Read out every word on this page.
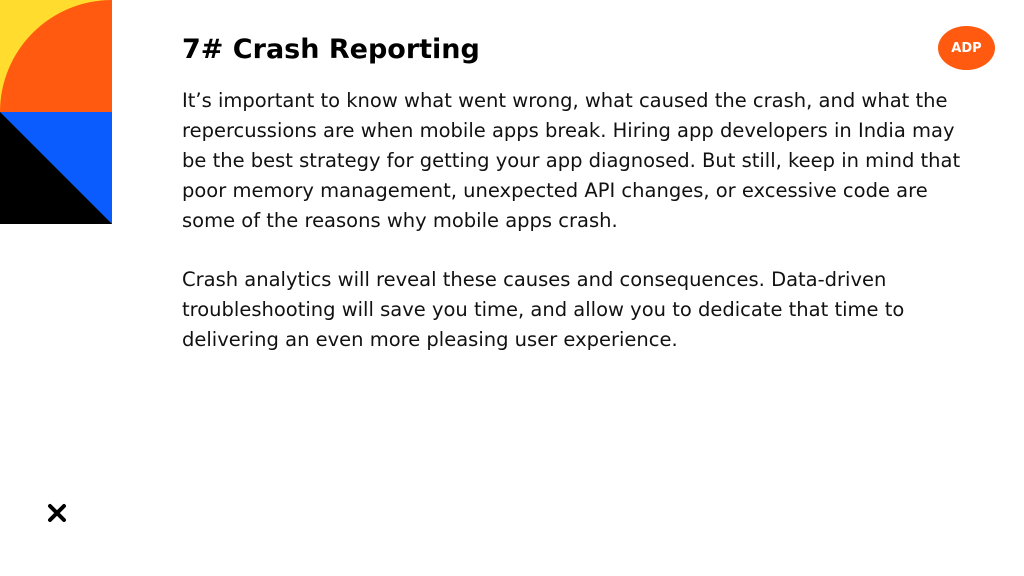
7# Crash Reporting	ADP

It’s important to know what went wrong, what caused the crash, and what the repercussions are when mobile apps break. Hiring app developers in India may be the best strategy for getting your app diagnosed. But still, keep in mind that poor memory management, unexpected API changes, or excessive code are some of the reasons why mobile apps crash.

Crash analytics will reveal these causes and consequences. Data-driven troubleshooting will save you time, and allow you to dedicate that time to delivering an even more pleasing user experience.
